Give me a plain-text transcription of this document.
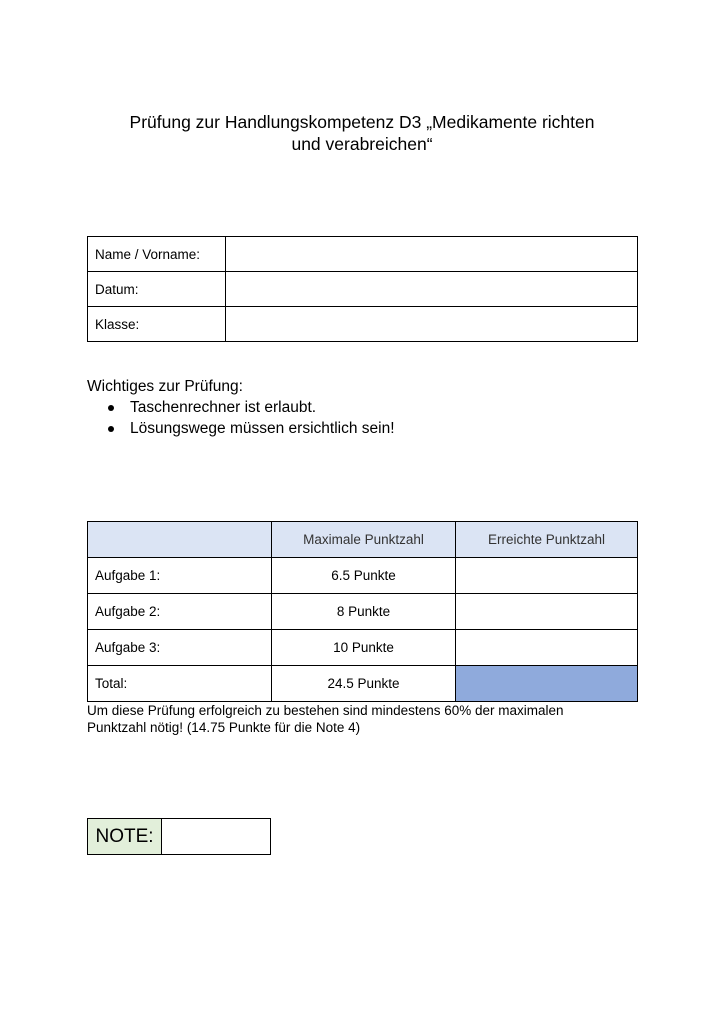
Prüfung zur Handlungskompetenz D3 „Medikamente richten
und verabreichen“
Name / Vorname:	
Datum:	
Klasse:	
Wichtiges zur Prüfung:
Taschenrechner ist erlaubt.
Lösungswege müssen ersichtlich sein!
	Maximale Punktzahl	Erreichte Punktzahl
Aufgabe 1:	6.5 Punkte	
Aufgabe 2:	8 Punkte	
Aufgabe 3:	10 Punkte	
Total:	24.5 Punkte	
Um diese Prüfung erfolgreich zu bestehen sind mindestens 60% der maximalen
Punktzahl nötig! (14.75 Punkte für die Note 4)
NOTE:	
